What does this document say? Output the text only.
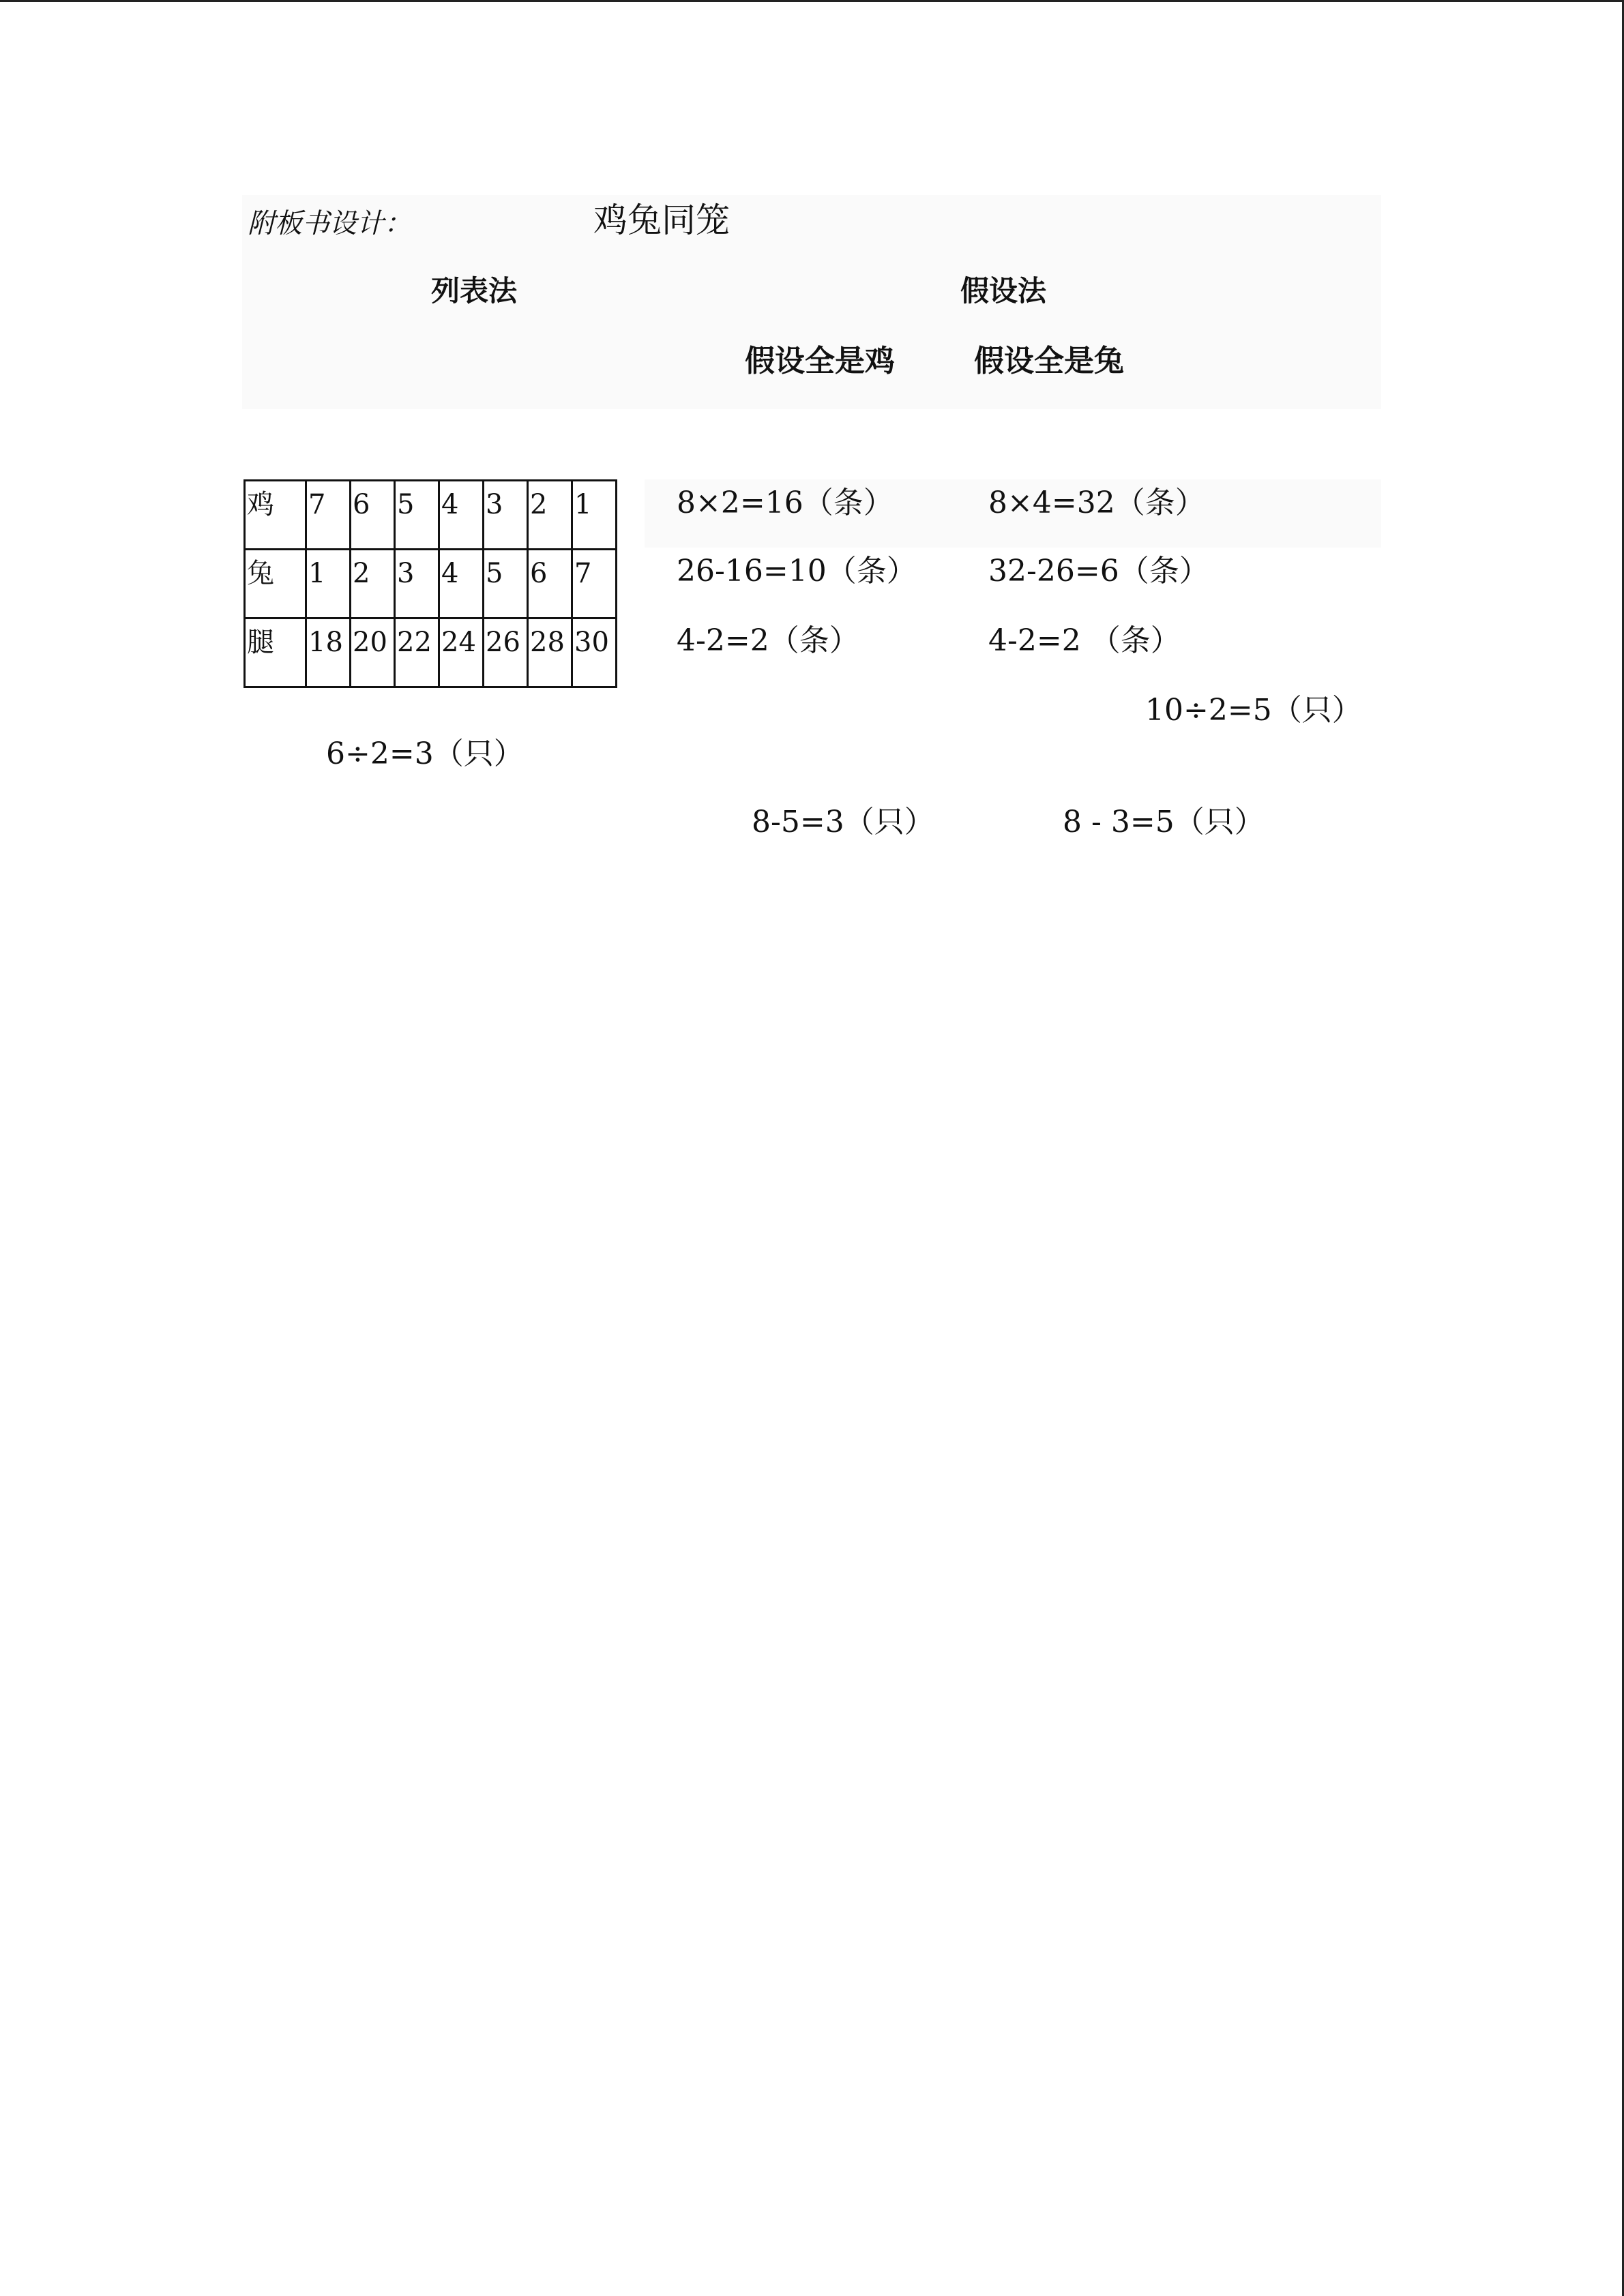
附板书设计：	鸡兔同笼
列表法	假设法
假设全是鸡	假设全是兔
鸡	7	6	5	4	3	2	1
兔	1	2	3	4	5	6	7
腿	18	20	22	24	26	28	30
6÷2=3（只）
8×2=16（条）
26-16=10（条）
4-2=2（条）
8×4=32（条）
32-26=6（条）
4-2=2 （条）
10÷2=5（只）
8-5=3（只）	8 - 3=5（只）
